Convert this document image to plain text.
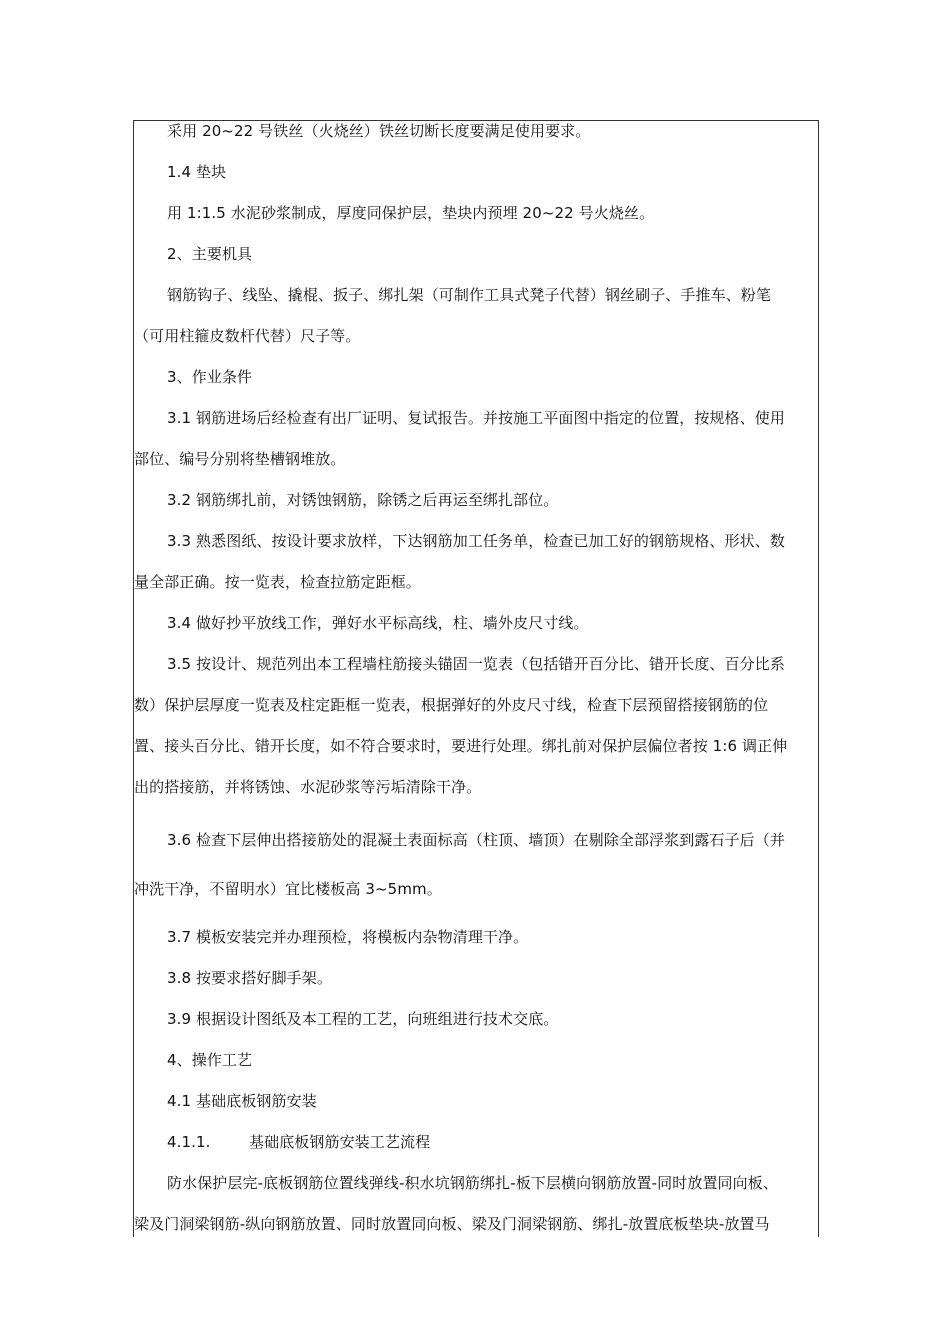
采用 20~22 号铁丝（火烧丝）铁丝切断长度要满足使用要求。
1.4 垫块
用 1:1.5 水泥砂浆制成，厚度同保护层，垫块内预埋 20~22 号火烧丝。
2、主要机具
钢筋钩子、线坠、撬棍、扳子、绑扎架（可制作工具式凳子代替）钢丝刷子、手推车、粉笔
（可用柱箍皮数杆代替）尺子等。
3、作业条件
3.1 钢筋进场后经检查有出厂证明、复试报告。并按施工平面图中指定的位置，按规格、使用
部位、编号分别将垫槽钢堆放。
3.2 钢筋绑扎前，对锈蚀钢筋，除锈之后再运至绑扎部位。
3.3 熟悉图纸、按设计要求放样，下达钢筋加工任务单，检查已加工好的钢筋规格、形状、数
量全部正确。按一览表，检查拉筋定距框。
3.4 做好抄平放线工作，弹好水平标高线，柱、墙外皮尺寸线。
3.5 按设计、规范列出本工程墙柱筋接头锚固一览表（包括错开百分比、错开长度、百分比系
数）保护层厚度一览表及柱定距框一览表，根据弹好的外皮尺寸线，检查下层预留搭接钢筋的位
置、接头百分比、错开长度，如不符合要求时，要进行处理。绑扎前对保护层偏位者按 1:6 调正伸
出的搭接筋，并将锈蚀、水泥砂浆等污垢清除干净。
3.6 检查下层伸出搭接筋处的混凝土表面标高（柱顶、墙顶）在剔除全部浮浆到露石子后（并
冲洗干净，不留明水）宜比楼板高 3~5mm。
3.7 模板安装完并办理预检，将模板内杂物清理干净。
3.8 按要求搭好脚手架。
3.9 根据设计图纸及本工程的工艺，向班组进行技术交底。
4、操作工艺
4.1 基础底板钢筋安装
4.1.1.	基础底板钢筋安装工艺流程
防水保护层完-底板钢筋位置线弹线-积水坑钢筋绑扎-板下层横向钢筋放置-同时放置同向板、
梁及门洞梁钢筋-纵向钢筋放置、同时放置同向板、梁及门洞梁钢筋、绑扎-放置底板垫块-放置马
